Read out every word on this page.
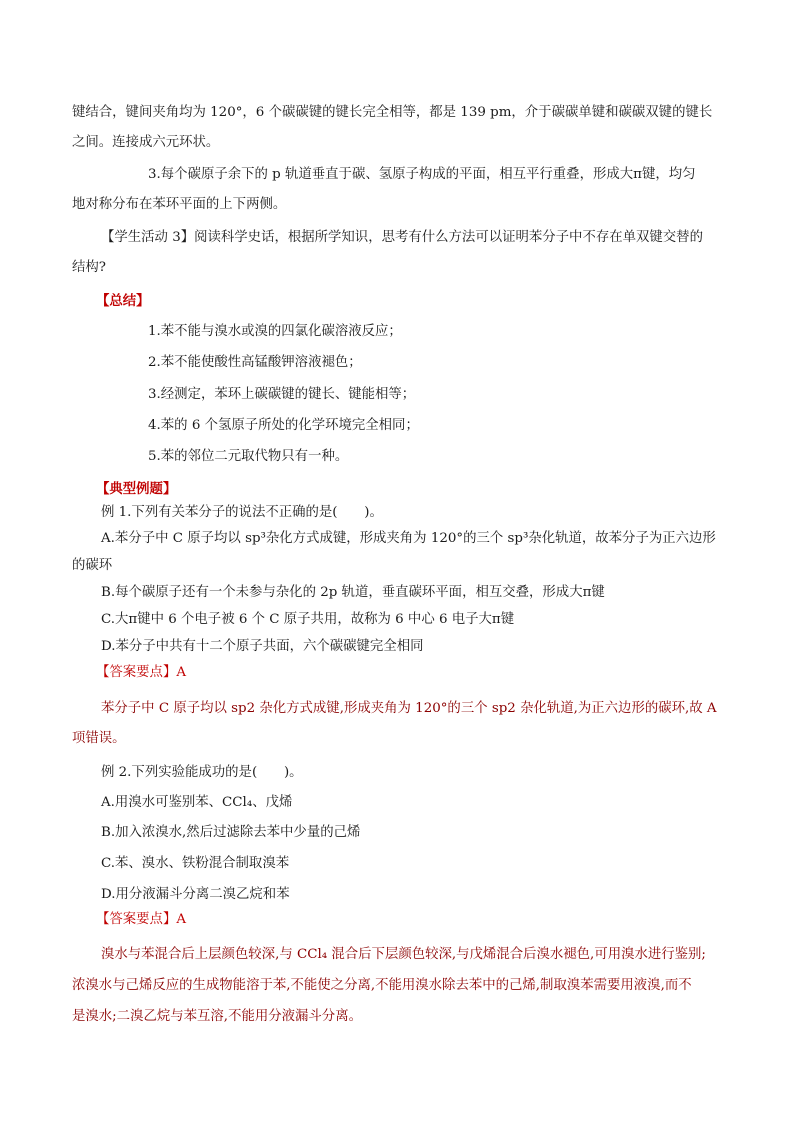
键结合，键间夹角均为 120°，6 个碳碳键的键长完全相等，都是 139 pm，介于碳碳单键和碳碳双键的键长
之间。连接成六元环状。
3.每个碳原子余下的 p 轨道垂直于碳、氢原子构成的平面，相互平行重叠，形成大π键，均匀
地对称分布在苯环平面的上下两侧。
【学生活动 3】阅读科学史话，根据所学知识，思考有什么方法可以证明苯分子中不存在单双键交替的
结构?
【总结】
1.苯不能与溴水或溴的四氯化碳溶液反应；
2.苯不能使酸性高锰酸钾溶液褪色；
3.经测定，苯环上碳碳键的键长、键能相等；
4.苯的 6 个氢原子所处的化学环境完全相同；
5.苯的邻位二元取代物只有一种。
【典型例题】
例 1.下列有关苯分子的说法不正确的是(　　)。
A.苯分子中 C 原子均以 sp³杂化方式成键，形成夹角为 120°的三个 sp³杂化轨道，故苯分子为正六边形
的碳环
B.每个碳原子还有一个未参与杂化的 2p 轨道，垂直碳环平面，相互交叠，形成大π键
C.大π键中 6 个电子被 6 个 C 原子共用，故称为 6 中心 6 电子大π键
D.苯分子中共有十二个原子共面，六个碳碳键完全相同
【答案要点】A
苯分子中 C 原子均以 sp2 杂化方式成键,形成夹角为 120°的三个 sp2 杂化轨道,为正六边形的碳环,故 A
项错误。
例 2.下列实验能成功的是(　　)。
A.用溴水可鉴别苯、CCl₄、戊烯
B.加入浓溴水,然后过滤除去苯中少量的己烯
C.苯、溴水、铁粉混合制取溴苯
D.用分液漏斗分离二溴乙烷和苯
【答案要点】A
溴水与苯混合后上层颜色较深,与 CCl₄ 混合后下层颜色较深,与戊烯混合后溴水褪色,可用溴水进行鉴别;
浓溴水与己烯反应的生成物能溶于苯,不能使之分离,不能用溴水除去苯中的己烯,制取溴苯需要用液溴,而不
是溴水;二溴乙烷与苯互溶,不能用分液漏斗分离。
